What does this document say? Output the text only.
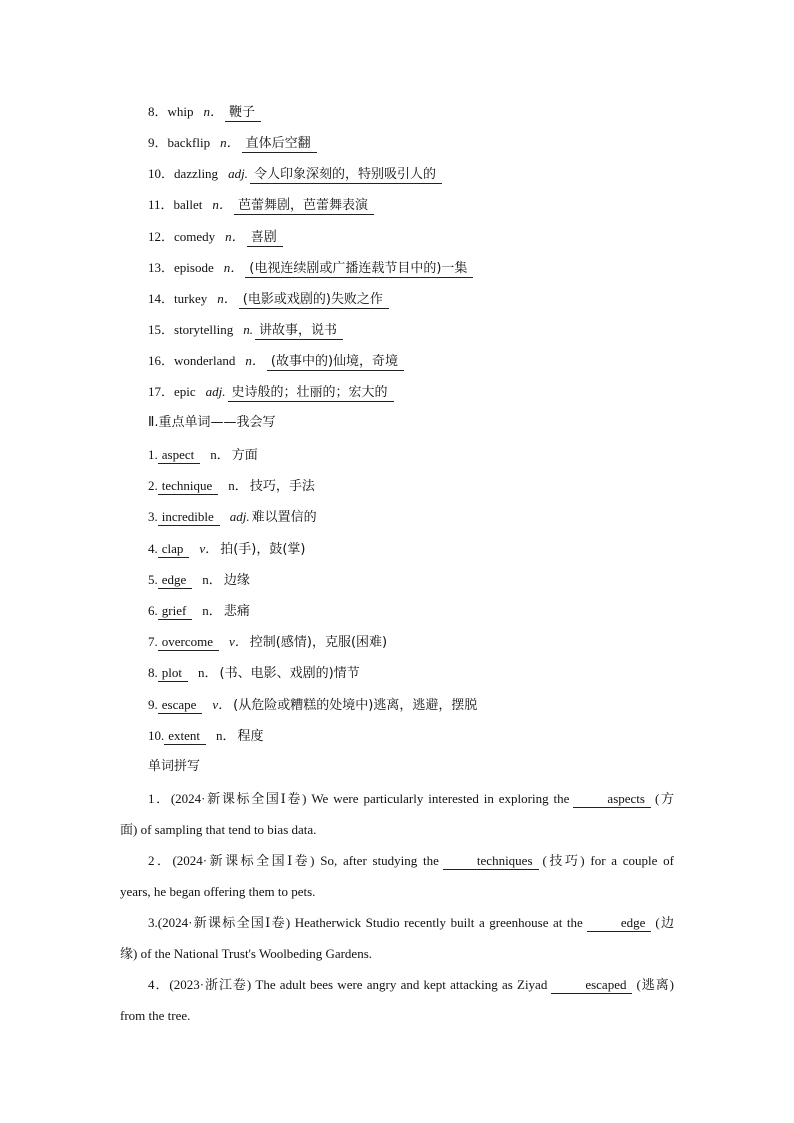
8．whip n． 鞭子
9．backflip n． 直体后空翻
10．dazzling adj. 令人印象深刻的，特别吸引人的
11．ballet n． 芭蕾舞剧，芭蕾舞表演
12．comedy n． 喜剧
13．episode n． (电视连续剧或广播连载节目中的)一集
14．turkey n． (电影或戏剧的)失败之作
15．storytelling n. 讲故事，说书
16．wonderland n． (故事中的)仙境，奇境
17．epic adj. 史诗般的；壮丽的；宏大的
Ⅱ.重点单词——我会写
1. aspect n． 方面
2. technique n． 技巧，手法
3. incredible adj. 难以置信的
4. clap v． 拍(手)，鼓(掌)
5. edge n． 边缘
6. grief n． 悲痛
7. overcome v． 控制(感情)，克服(困难)
8. plot n． (书、电影、戏剧的)情节
9. escape v． (从危险或糟糕的处境中)逃离，逃避，摆脱
10. extent n． 程度
单词拼写
1．(2024·新课标全国Ⅰ卷) We were particularly interested in exploring the	aspects (方
面) of sampling that tend to bias data.
2．(2024·新课标全国Ⅰ卷) So, after studying the	techniques (技巧) for a couple of
years, he began offering them to pets.
3.(2024·新课标全国Ⅰ卷) Heatherwick Studio recently built a greenhouse at the	edge (边
缘) of the National Trust's Woolbeding Gardens.
4．(2023·浙江卷) The adult bees were angry and kept attacking as Ziyad	escaped (逃离)
from the tree.
